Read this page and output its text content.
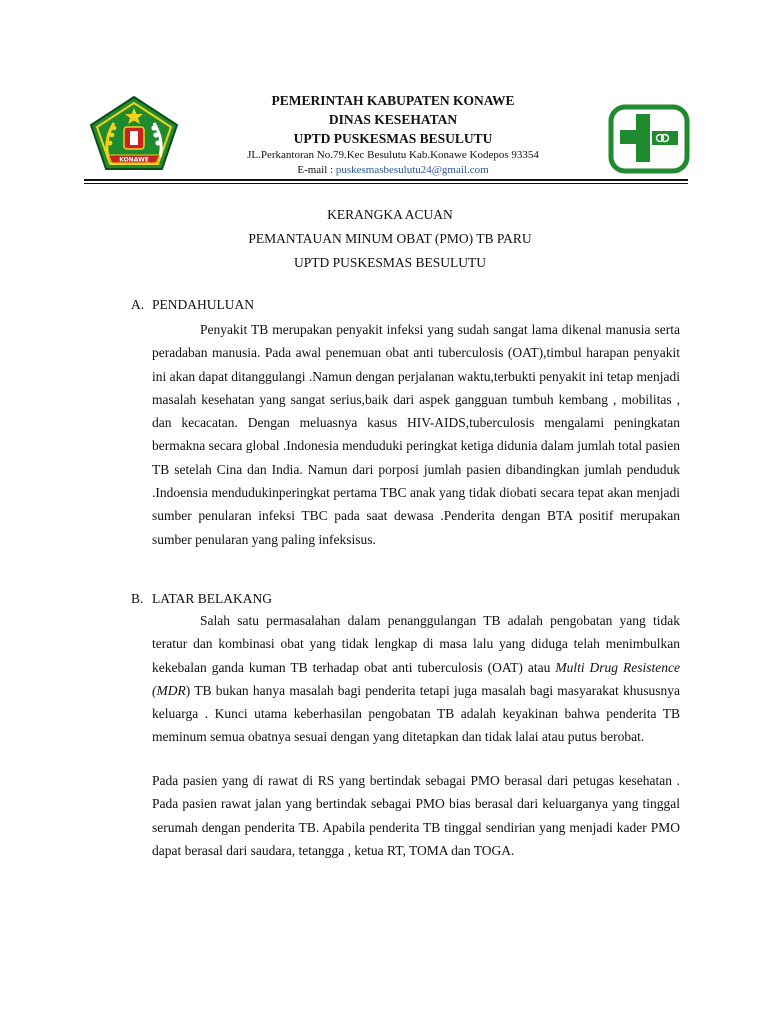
KONAWE
PEMERINTAH KABUPATEN KONAWE
DINAS KESEHATAN
UPTD PUSKESMAS BESULUTU
JL.Perkantoran No.79.Kec Besulutu Kab.Konawe Kodepos 93354
E-mail : puskesmasbesulutu24@gmail.com
KERANGKA ACUAN
PEMANTAUAN MINUM OBAT (PMO) TB PARU
UPTD PUSKESMAS BESULUTU
A. PENDAHULUAN

Penyakit TB merupakan penyakit infeksi yang sudah sangat lama dikenal manusia serta peradaban manusia. Pada awal penemuan obat anti tuberculosis (OAT),timbul harapan penyakit ini akan dapat ditanggulangi .Namun dengan perjalanan waktu,terbukti penyakit ini tetap menjadi masalah kesehatan yang sangat serius,baik dari aspek gangguan tumbuh kembang , mobilitas , dan kecacatan. Dengan meluasnya kasus HIV-AIDS,tuberculosis mengalami peningkatan bermakna secara global .Indonesia menduduki peringkat ketiga didunia dalam jumlah total pasien TB setelah Cina dan India. Namun dari porposi jumlah pasien dibandingkan jumlah penduduk .Indoensia mendudukinperingkat pertama TBC anak yang tidak diobati secara tepat akan menjadi sumber penularan infeksi TBC pada saat dewasa .Penderita dengan BTA positif merupakan sumber penularan yang paling infeksisus.

B. LATAR BELAKANG

Salah satu permasalahan dalam penanggulangan TB adalah pengobatan yang tidak teratur dan kombinasi obat yang tidak lengkap di masa lalu yang diduga telah menimbulkan kekebalan ganda kuman TB terhadap obat anti tuberculosis (OAT) atau Multi Drug Resistence (MDR) TB bukan hanya masalah bagi penderita tetapi juga masalah bagi masyarakat khususnya keluarga . Kunci utama keberhasilan pengobatan TB adalah keyakinan bahwa penderita TB meminum semua obatnya sesuai dengan yang ditetapkan dan tidak lalai atau putus berobat.

Pada pasien yang di rawat di RS yang bertindak sebagai PMO berasal dari petugas kesehatan . Pada pasien rawat jalan yang bertindak sebagai PMO bias berasal dari keluarganya yang tinggal serumah dengan penderita TB. Apabila penderita TB tinggal sendirian yang menjadi kader PMO dapat berasal dari saudara, tetangga , ketua RT, TOMA dan TOGA.
